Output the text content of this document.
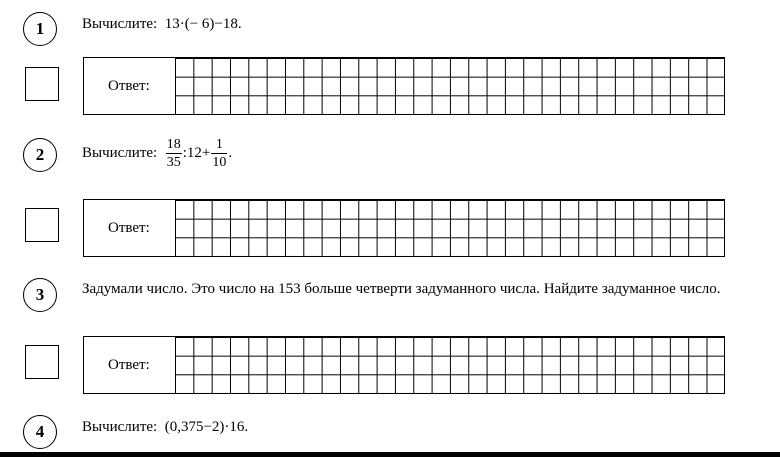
1	Вычислите: 13·(− 6)−18.
Ответ:
2	Вычислите: $\frac{18}{35}$ :12+ $\frac{1}{10}$ .
Ответ:
3	Задумали число. Это число на 153 больше четверти задуманного числа. Найдите задуманное число.
Ответ:
4	Вычислите: (0,375−2)·16.
